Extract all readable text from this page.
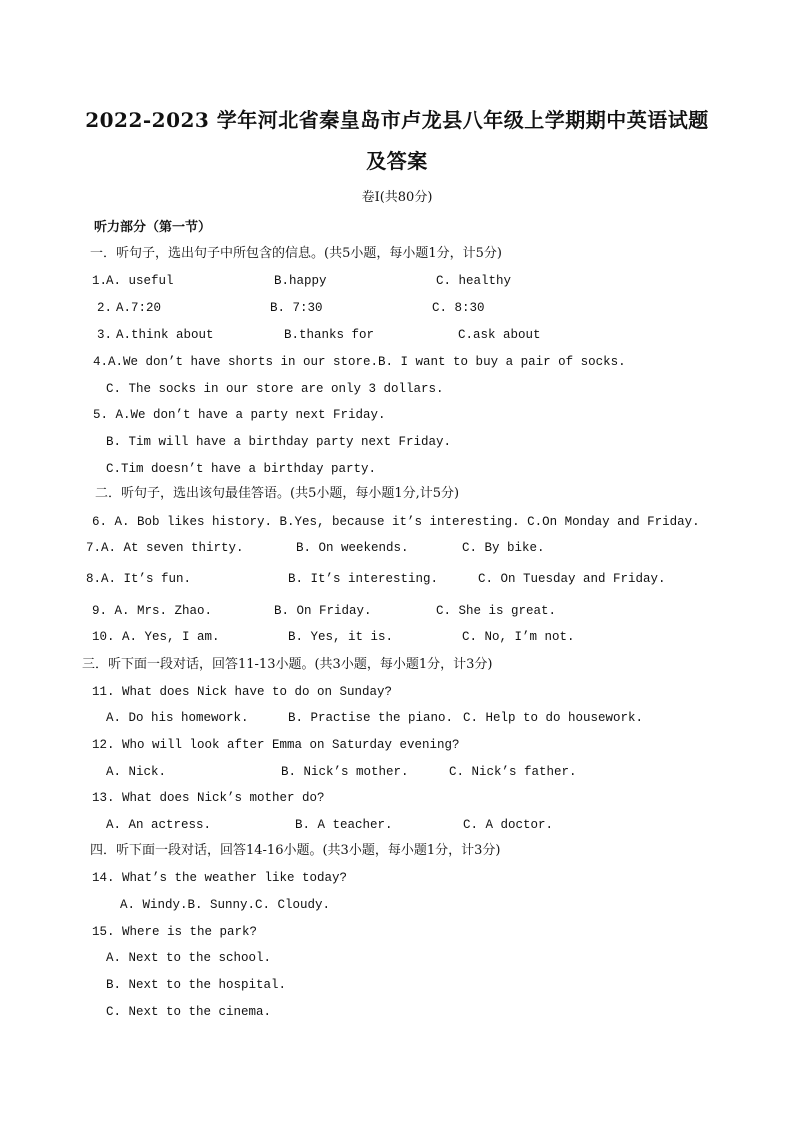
2022-2023 学年河北省秦皇岛市卢龙县八年级上学期期中英语试题
及答案
卷Ⅰ(共80分)
听力部分（第一节）
一．听句子，选出句子中所包含的信息。(共5小题，每小题1分，计5分)
1.
A. useful	B.happy	C. healthy
2. A.7:20	B. 7:30	C. 8:30
3. A.think about	B.thanks for	C.ask about
4.A.We don’t have shorts in our store.B. I want to buy a pair of socks.
C. The socks in our store are only 3 dollars.
5. A.We don’t have a party next Friday.
B. Tim will have a birthday party next Friday.
C.Tim doesn’t have a birthday party.
二．听句子，选出该句最佳答语。(共5小题，每小题1分,计5分)
6. A. Bob likes history. B.Yes, because it’s interesting. C.On Monday and Friday.
7.A. At seven thirty.	B. On weekends.	C. By bike.
8.A. It’s fun.	B. It’s interesting.	C. On Tuesday and Friday.
9. A. Mrs. Zhao.	B. On Friday.	C. She is great.
10. A. Yes, I am.	B. Yes, it is.	C. No, I’m not.
三．听下面一段对话，回答11-13小题。(共3小题，每小题1分，计3分)
11. What does Nick have to do on Sunday?
A. Do his homework.	B. Practise the piano. C. Help to do housework.
12. Who will look after Emma on Saturday evening?
A. Nick.	B. Nick’s mother.	C. Nick’s father.
13. What does Nick’s mother do?
A. An actress.	B. A teacher.	C. A doctor.
四．听下面一段对话，回答14-16小题。(共3小题，每小题1分，计3分)
14. What’s the weather like today?
A. Windy.B. Sunny.C. Cloudy.
15. Where is the park?
A. Next to the school.
B. Next to the hospital.
C. Next to the cinema.
